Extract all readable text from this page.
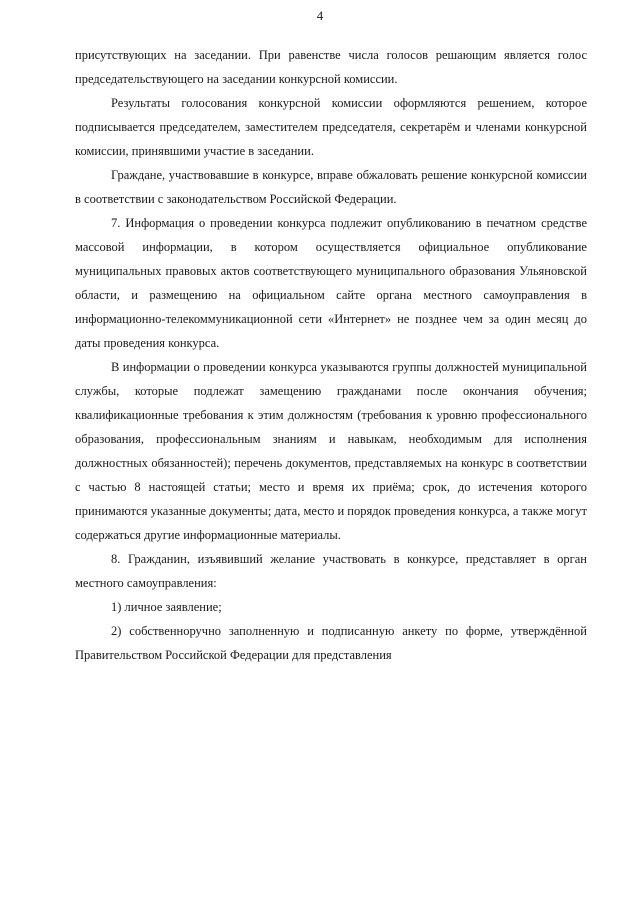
4

присутствующих на заседании. При равенстве числа голосов решающим является голос председательствующего на заседании конкурсной комиссии.

Результаты голосования конкурсной комиссии оформляются решением, которое подписывается председателем, заместителем председателя, секретарём и членами конкурсной комиссии, принявшими участие в заседании.

Граждане, участвовавшие в конкурсе, вправе обжаловать решение конкурсной комиссии в соответствии с законодательством Российской Федерации.

7. Информация о проведении конкурса подлежит опубликованию в печатном средстве массовой информации, в котором осуществляется официальное опубликование муниципальных правовых актов соответствующего муниципального образования Ульяновской области, и размещению на официальном сайте органа местного самоуправления в информационно-телекоммуникационной сети «Интернет» не позднее чем за один месяц до даты проведения конкурса.

В информации о проведении конкурса указываются группы должностей муниципальной службы, которые подлежат замещению гражданами после окончания обучения; квалификационные требования к этим должностям (требования к уровню профессионального образования, профессиональным знаниям и навыкам, необходимым для исполнения должностных обязанностей); перечень документов, представляемых на конкурс в соответствии с частью 8 настоящей статьи; место и время их приёма; срок, до истечения которого принимаются указанные документы; дата, место и порядок проведения конкурса, а также могут содержаться другие информационные материалы.

8. Гражданин, изъявивший желание участвовать в конкурсе, представляет в орган местного самоуправления:

1) личное заявление;

2) собственноручно заполненную и подписанную анкету по форме, утверждённой Правительством Российской Федерации для представления
